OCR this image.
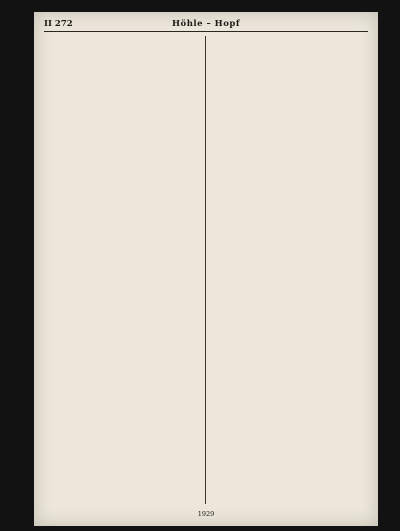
II 272	Höhle – Hopf
1929
